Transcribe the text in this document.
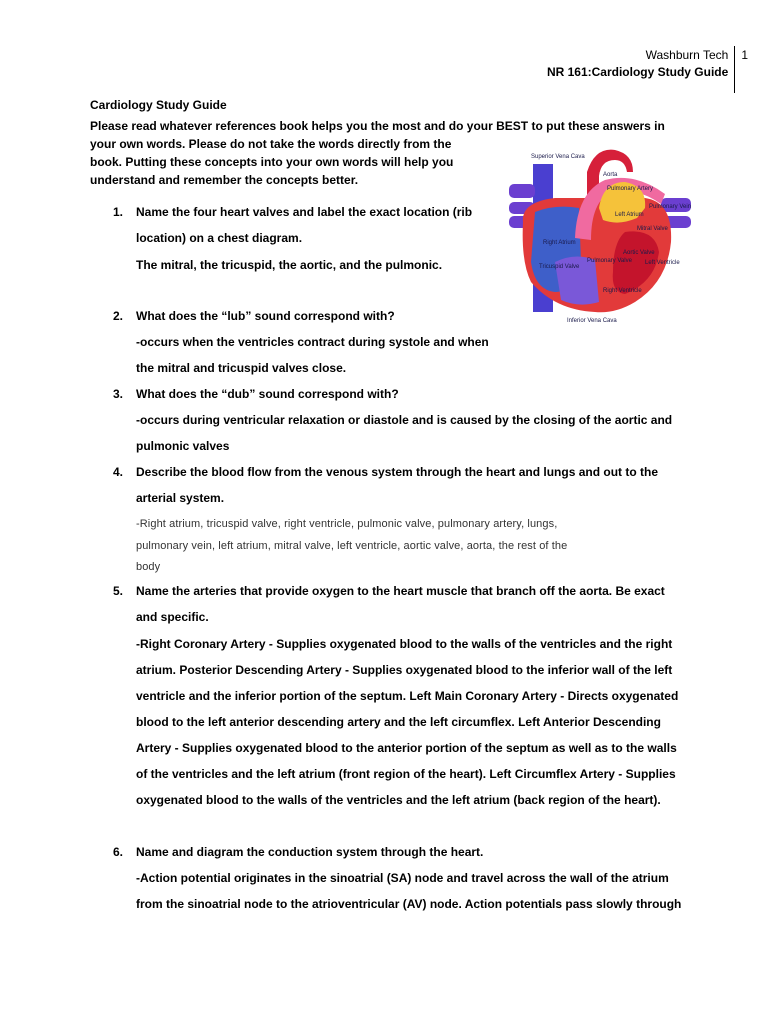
Washburn Tech
NR 161:Cardiology Study Guide
1
Cardiology Study Guide
Please read whatever references book helps you the most and do your BEST to put these answers in
your own words. Please do not take the words directly from the
book. Putting these concepts into your own words will help you
understand and remember the concepts better.
Superior Vena Cava
Aorta
Pulmonary Artery
Pulmonary Vein
Left Atrium
Mitral Valve
Right Atrium
Tricuspid Valve
Pulmonary Valve
Aortic Valve
Left Ventricle
Right Ventricle
Inferior Vena Cava
1. Name the four heart valves and label the exact location (rib
location) on a chest diagram.
The mitral, the tricuspid, the aortic, and the pulmonic.
2. What does the “lub” sound correspond with?
-occurs when the ventricles contract during systole and when
the mitral and tricuspid valves close.
3. What does the “dub” sound correspond with?
-occurs during ventricular relaxation or diastole and is caused by the closing of the aortic and
pulmonic valves
4. Describe the blood flow from the venous system through the heart and lungs and out to the
arterial system.
-Right atrium, tricuspid valve, right ventricle, pulmonic valve, pulmonary artery, lungs,
pulmonary vein, left atrium, mitral valve, left ventricle, aortic valve, aorta, the rest of the
body
5. Name the arteries that provide oxygen to the heart muscle that branch off the aorta. Be exact
and specific.
-Right Coronary Artery - Supplies oxygenated blood to the walls of the ventricles and the right
atrium. Posterior Descending Artery - Supplies oxygenated blood to the inferior wall of the left
ventricle and the inferior portion of the septum. Left Main Coronary Artery - Directs oxygenated
blood to the left anterior descending artery and the left circumflex. Left Anterior Descending
Artery - Supplies oxygenated blood to the anterior portion of the septum as well as to the walls
of the ventricles and the left atrium (front region of the heart). Left Circumflex Artery - Supplies
oxygenated blood to the walls of the ventricles and the left atrium (back region of the heart).
6. Name and diagram the conduction system through the heart.
-Action potential originates in the sinoatrial (SA) node and travel across the wall of the atrium
from the sinoatrial node to the atrioventricular (AV) node. Action potentials pass slowly through
